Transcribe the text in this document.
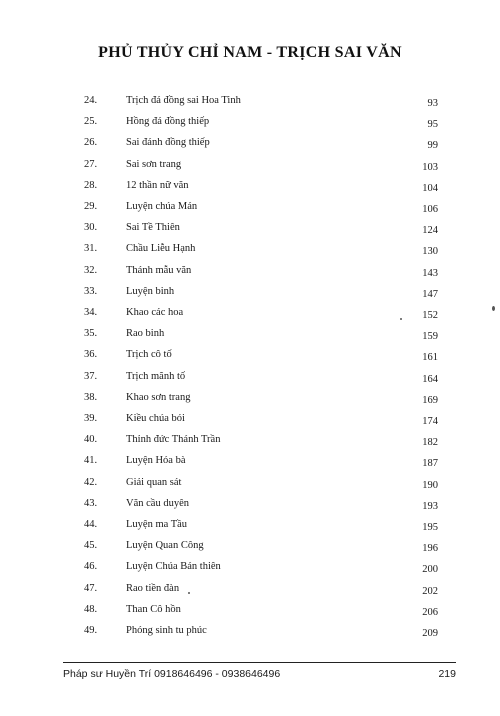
PHỦ THỦY CHỈ NAM - TRỊCH SAI VĂN
24.	Trịch đá đồng sai Hoa Tinh	93
25.	Hồng đá đồng thiếp	95
26.	Sai đánh đồng thiếp	99
27.	Sai sơn trang	103
28.	12 thần nữ văn	104
29.	Luyện chúa Mán	106
30.	Sai Tề Thiên	124
31.	Chầu Liễu Hạnh	130
32.	Thánh mẫu văn	143
33.	Luyện binh	147
34.	Khao các hoa	152
35.	Rao binh	159
36.	Trịch cô tố	161
37.	Trịch mãnh tố	164
38.	Khao sơn trang	169
39.	Kiều chúa bói	174
40.	Thỉnh đức Thánh Trần	182
41.	Luyện Hóa bà	187
42.	Giải quan sát	190
43.	Văn cầu duyên	193
44.	Luyện ma Tầu	195
45.	Luyện Quan Công	196
46.	Luyện Chúa Bán thiên	200
47.	Rao tiền đàn	202
48.	Than Cô hồn	206
49.	Phóng sinh tu phúc	209
Pháp sư Huyền Trí 0918646496 - 0938646496	219
